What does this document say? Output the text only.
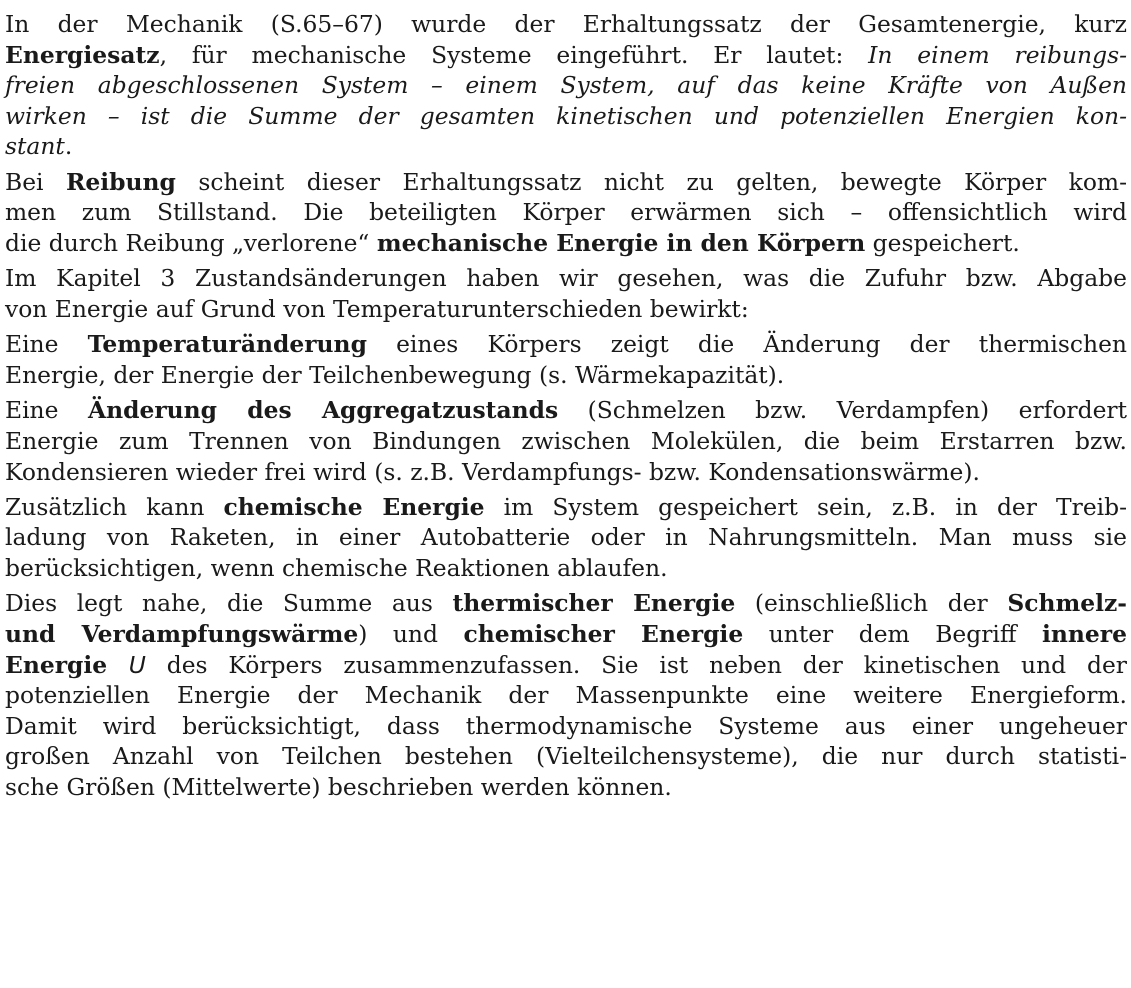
In der Mechanik (S.65–67) wurde der Erhaltungssatz der Gesamtenergie, kurz
Energiesatz, für mechanische Systeme eingeführt. Er lautet: In einem reibungs-
freien abgeschlossenen System – einem System, auf das keine Kräfte von Außen
wirken – ist die Summe der gesamten kinetischen und potenziellen Energien kon-
stant.
Bei Reibung scheint dieser Erhaltungssatz nicht zu gelten, bewegte Körper kom-
men zum Stillstand. Die beteiligten Körper erwärmen sich – offensichtlich wird
die durch Reibung „verlorene“ mechanische Energie in den Körpern gespeichert.
Im Kapitel 3 Zustandsänderungen haben wir gesehen, was die Zufuhr bzw. Abgabe
von Energie auf Grund von Temperaturunterschieden bewirkt:
Eine Temperaturänderung eines Körpers zeigt die Änderung der thermischen
Energie, der Energie der Teilchenbewegung (s. Wärmekapazität).
Eine Änderung des Aggregatzustands (Schmelzen bzw. Verdampfen) erfordert
Energie zum Trennen von Bindungen zwischen Molekülen, die beim Erstarren bzw.
Kondensieren wieder frei wird (s. z.B. Verdampfungs- bzw. Kondensationswärme).
Zusätzlich kann chemische Energie im System gespeichert sein, z.B. in der Treib-
ladung von Raketen, in einer Autobatterie oder in Nahrungsmitteln. Man muss sie
berücksichtigen, wenn chemische Reaktionen ablaufen.
Dies legt nahe, die Summe aus thermischer Energie (einschließlich der Schmelz-
und Verdampfungswärme) und chemischer Energie unter dem Begriff innere
Energie U des Körpers zusammenzufassen. Sie ist neben der kinetischen und der
potenziellen Energie der Mechanik der Massenpunkte eine weitere Energieform.
Damit wird berücksichtigt, dass thermodynamische Systeme aus einer ungeheuer
großen Anzahl von Teilchen bestehen (Vielteilchensysteme), die nur durch statisti-
sche Größen (Mittelwerte) beschrieben werden können.
